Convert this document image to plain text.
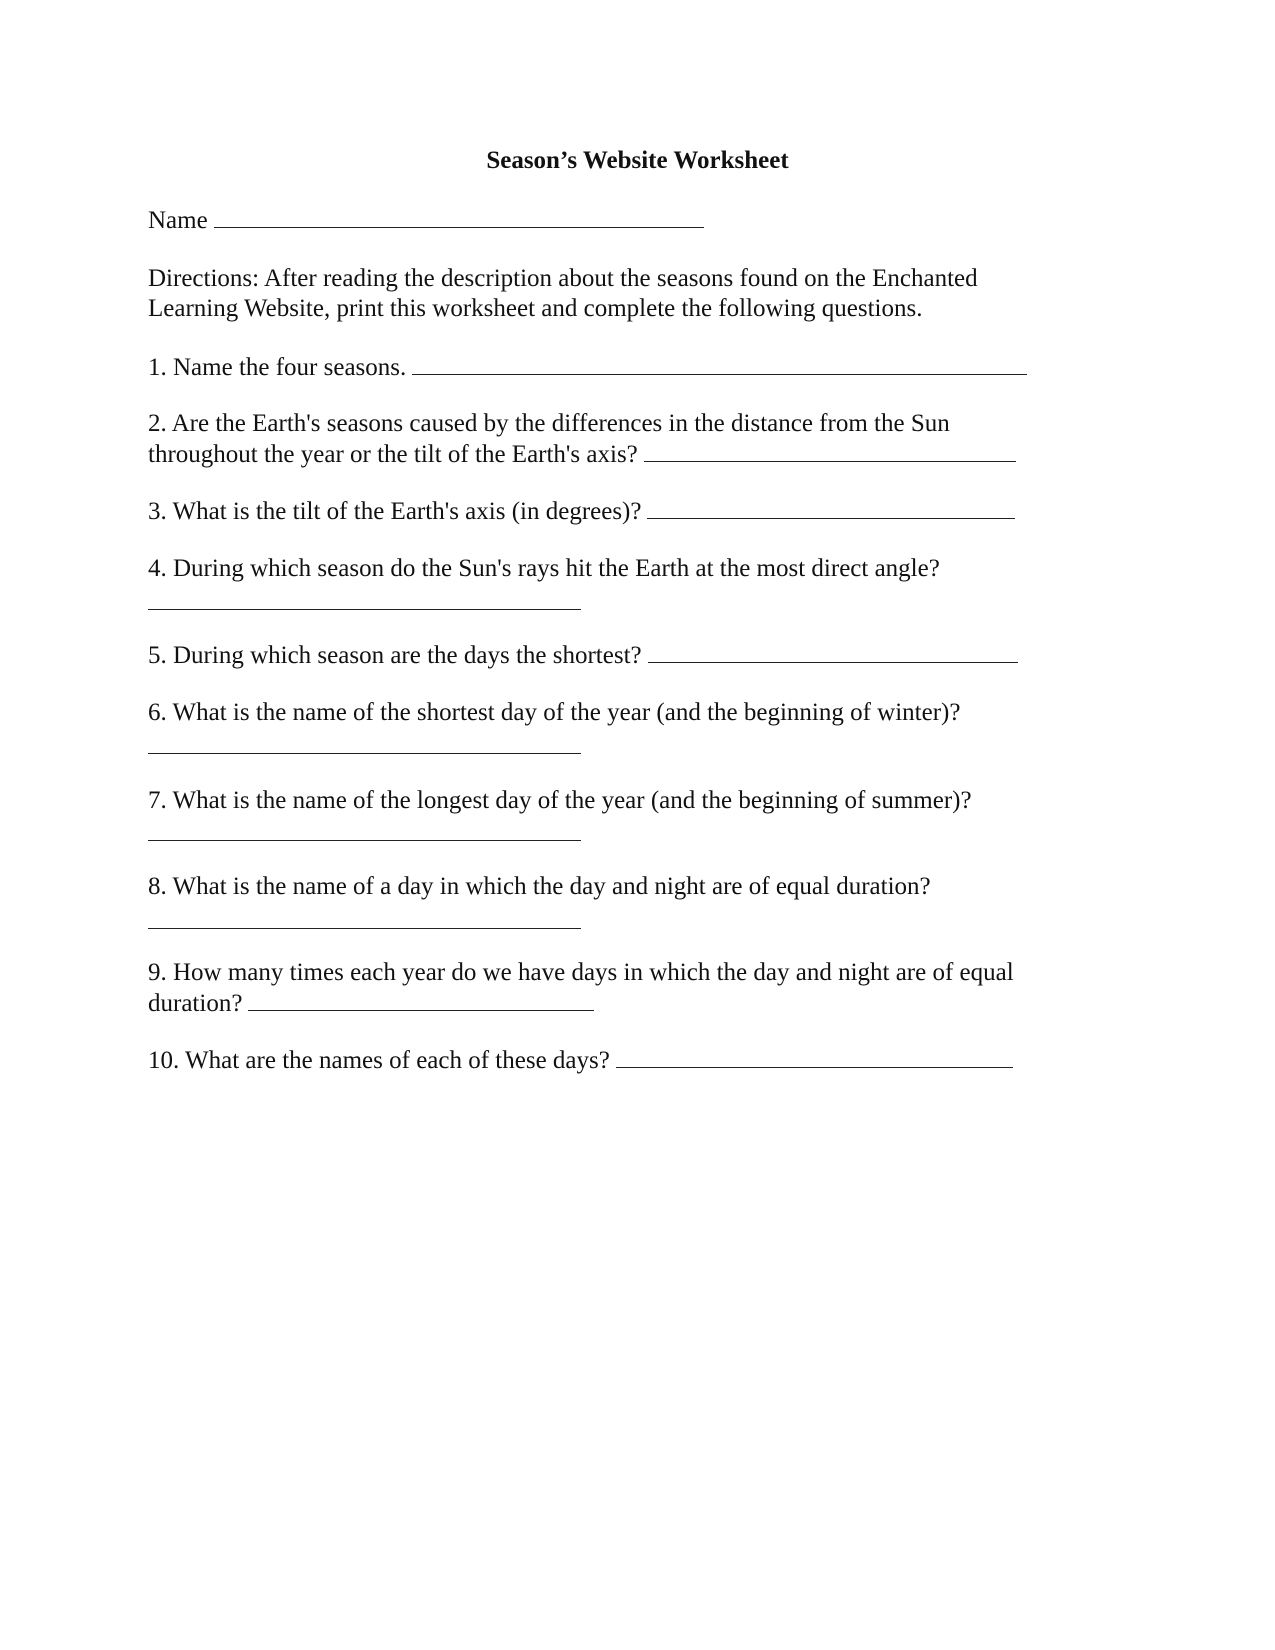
Season’s Website Worksheet
Name
Directions: After reading the description about the seasons found on the Enchanted
Learning Website, print this worksheet and complete the following questions.
1. Name the four seasons.
2. Are the Earth's seasons caused by the differences in the distance from the Sun
throughout the year or the tilt of the Earth's axis?
3. What is the tilt of the Earth's axis (in degrees)?
4. During which season do the Sun's rays hit the Earth at the most direct angle?
5. During which season are the days the shortest?
6. What is the name of the shortest day of the year (and the beginning of winter)?
7. What is the name of the longest day of the year (and the beginning of summer)?
8. What is the name of a day in which the day and night are of equal duration?
9. How many times each year do we have days in which the day and night are of equal
duration?
10. What are the names of each of these days?
